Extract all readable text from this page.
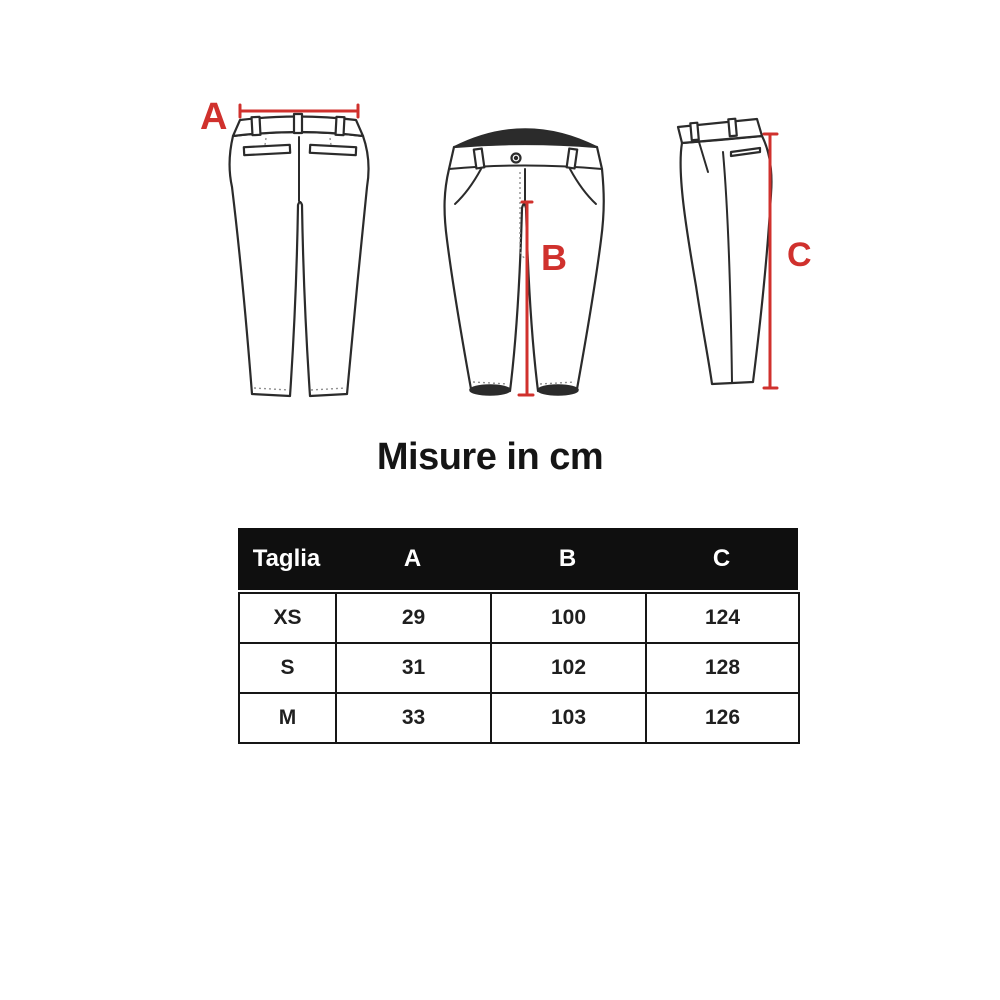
A
B	C
Misure in cm
Taglia	A	B	C
XS	29	100	124
S	31	102	128
M	33	103	126
